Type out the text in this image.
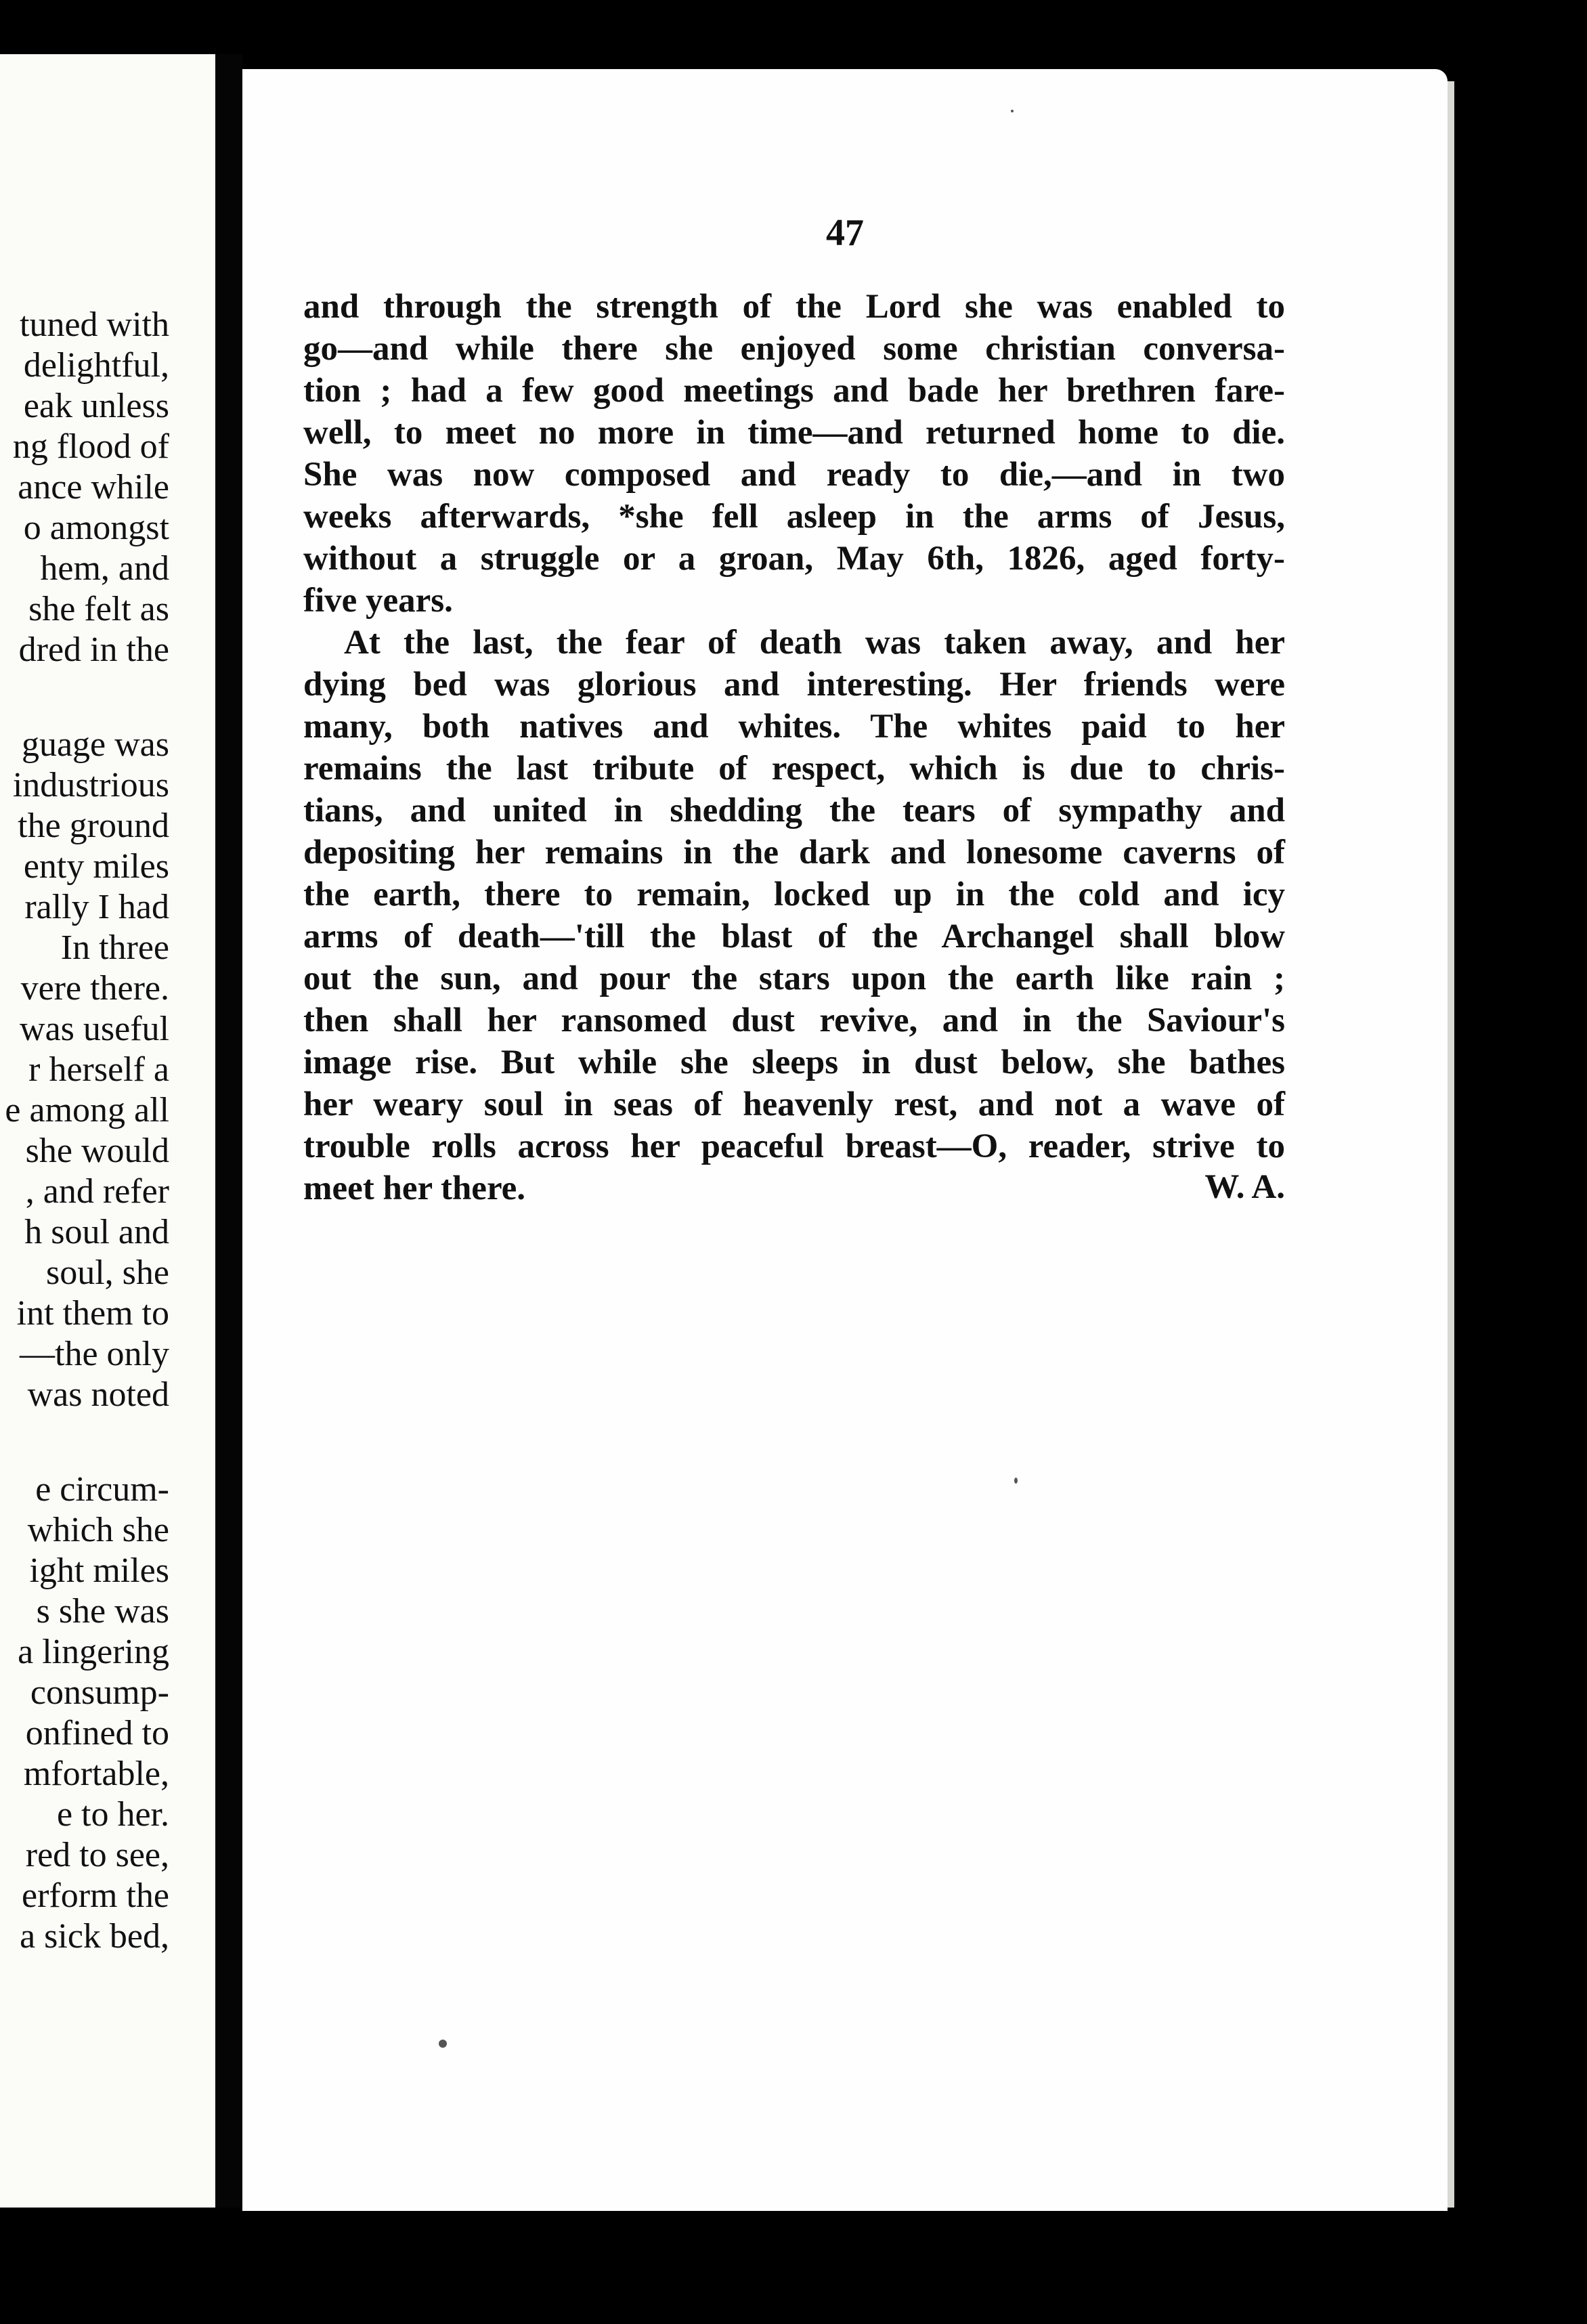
tuned with
delightful,
eak unless
ng flood of
ance while
o amongst
hem, and
she felt as
dred in the
guage was
industrious
the ground
enty miles
rally I had
In three
vere there.
was useful
r herself a
e among all
she would
, and refer
h soul and
soul, she
int them to
—the only
was noted
e circum-
which she
ight miles
s she was
a lingering
consump-
onfined to
mfortable,
e to her.
red to see,
erform the
a sick bed,
47
and through the strength of the Lord she was enabled to
go—and while there she enjoyed some christian conversa-
tion ; had a few good meetings and bade her brethren fare-
well, to meet no more in time—and returned home to die.
She was now composed and ready to die,—and in two
weeks afterwards, *she fell asleep in the arms of Jesus,
without a struggle or a groan, May 6th, 1826, aged forty-
five years.
At the last, the fear of death was taken away, and her
dying bed was glorious and interesting. Her friends were
many, both natives and whites. The whites paid to her
remains the last tribute of respect, which is due to chris-
tians, and united in shedding the tears of sympathy and
depositing her remains in the dark and lonesome caverns of
the earth, there to remain, locked up in the cold and icy
arms of death—'till the blast of the Archangel shall blow
out the sun, and pour the stars upon the earth like rain ;
then shall her ransomed dust revive, and in the Saviour's
image rise. But while she sleeps in dust below, she bathes
her weary soul in seas of heavenly rest, and not a wave of
trouble rolls across her peaceful breast—O, reader, strive to
meet her there.	W. A.
